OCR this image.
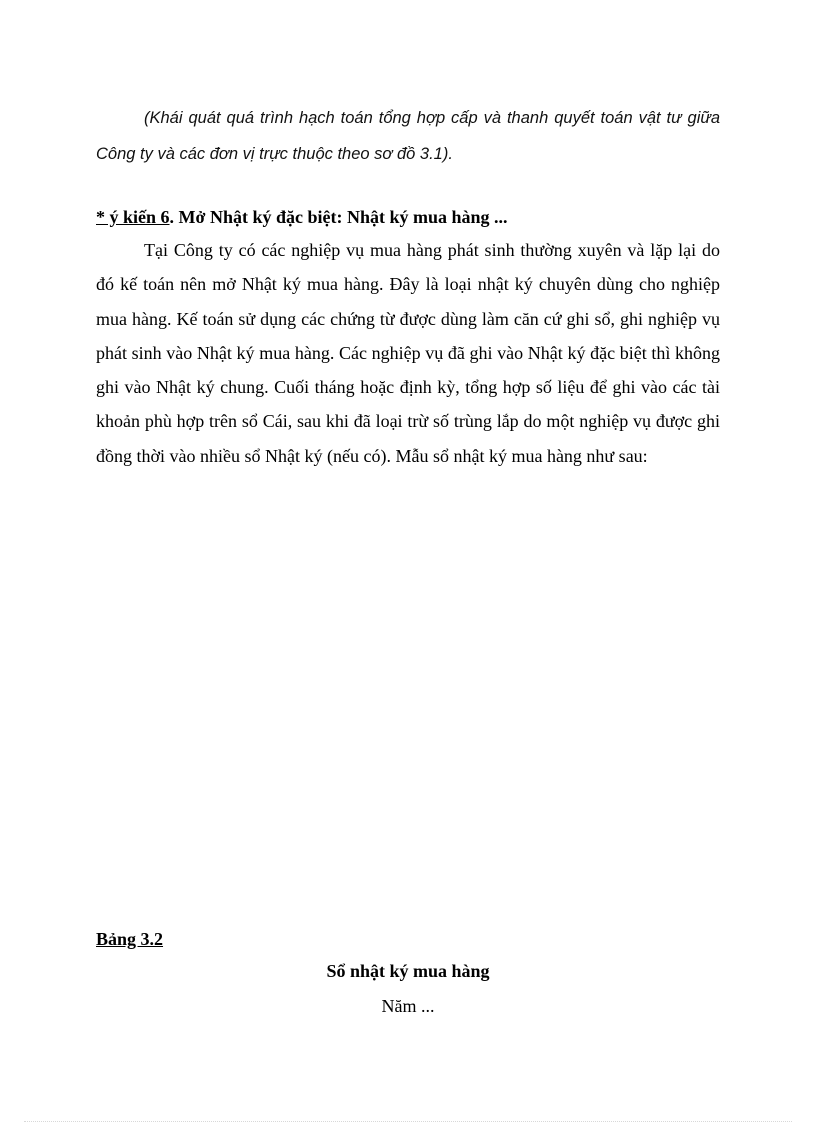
(Khái quát quá trình hạch toán tổng hợp cấp và thanh quyết toán vật tư giữa Công ty và các đơn vị trực thuộc theo sơ đồ 3.1).

* ý kiến 6. Mở Nhật ký đặc biệt: Nhật ký mua hàng ...

Tại Công ty có các nghiệp vụ mua hàng phát sinh thường xuyên và lặp lại do đó kế toán nên mở Nhật ký mua hàng. Đây là loại nhật ký chuyên dùng cho nghiệp mua hàng. Kế toán sử dụng các chứng từ được dùng làm căn cứ ghi sổ, ghi nghiệp vụ phát sinh vào Nhật ký mua hàng. Các nghiệp vụ đã ghi vào Nhật ký đặc biệt thì không ghi vào Nhật ký chung. Cuối tháng hoặc định kỳ, tổng hợp số liệu để ghi vào các tài khoản phù hợp trên sổ Cái, sau khi đã loại trừ số trùng lắp do một nghiệp vụ được ghi đồng thời vào nhiều sổ Nhật ký (nếu có). Mẫu sổ nhật ký mua hàng như sau:

Bảng 3.2
Sổ nhật ký mua hàng
Năm ...
